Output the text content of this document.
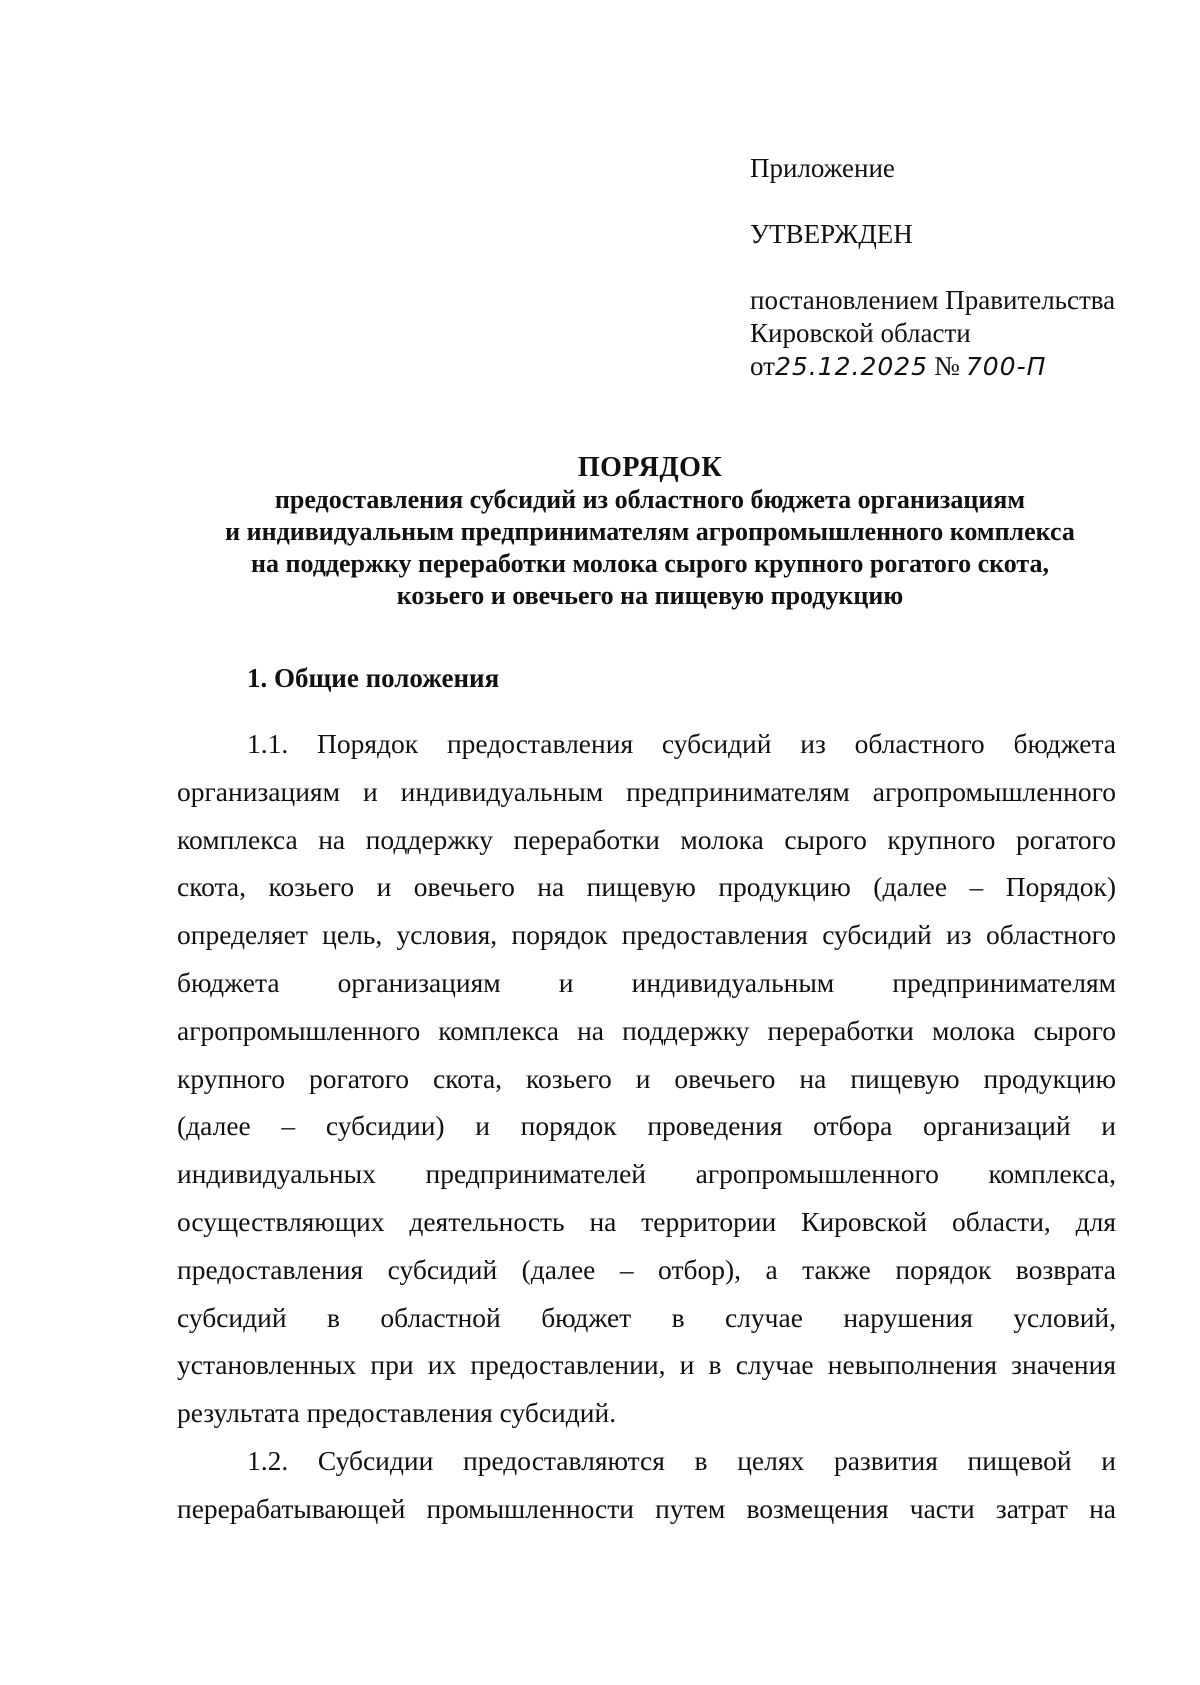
Приложение
УТВЕРЖДЕН
постановлением Правительства
Кировской области
от25.12.2025 № 700-П
ПОРЯДОК
предоставления субсидий из областного бюджета организациям
и индивидуальным предпринимателям агропромышленного комплекса
на поддержку переработки молока сырого крупного рогатого скота,
козьего и овечьего на пищевую продукцию
1. Общие положения
1.1. Порядок предоставления субсидий из областного бюджета
организациям и индивидуальным предпринимателям агропромышленного
комплекса на поддержку переработки молока сырого крупного рогатого
скота, козьего и овечьего на пищевую продукцию (далее – Порядок)
определяет цель, условия, порядок предоставления субсидий из областного
бюджета организациям и индивидуальным предпринимателям
агропромышленного комплекса на поддержку переработки молока сырого
крупного рогатого скота, козьего и овечьего на пищевую продукцию
(далее – субсидии) и порядок проведения отбора организаций и
индивидуальных предпринимателей агропромышленного комплекса,
осуществляющих деятельность на территории Кировской области, для
предоставления субсидий (далее – отбор), а также порядок возврата
субсидий в областной бюджет в случае нарушения условий,
установленных при их предоставлении, и в случае невыполнения значения
результата предоставления субсидий.
1.2. Субсидии предоставляются в целях развития пищевой и
перерабатывающей промышленности путем возмещения части затрат на
